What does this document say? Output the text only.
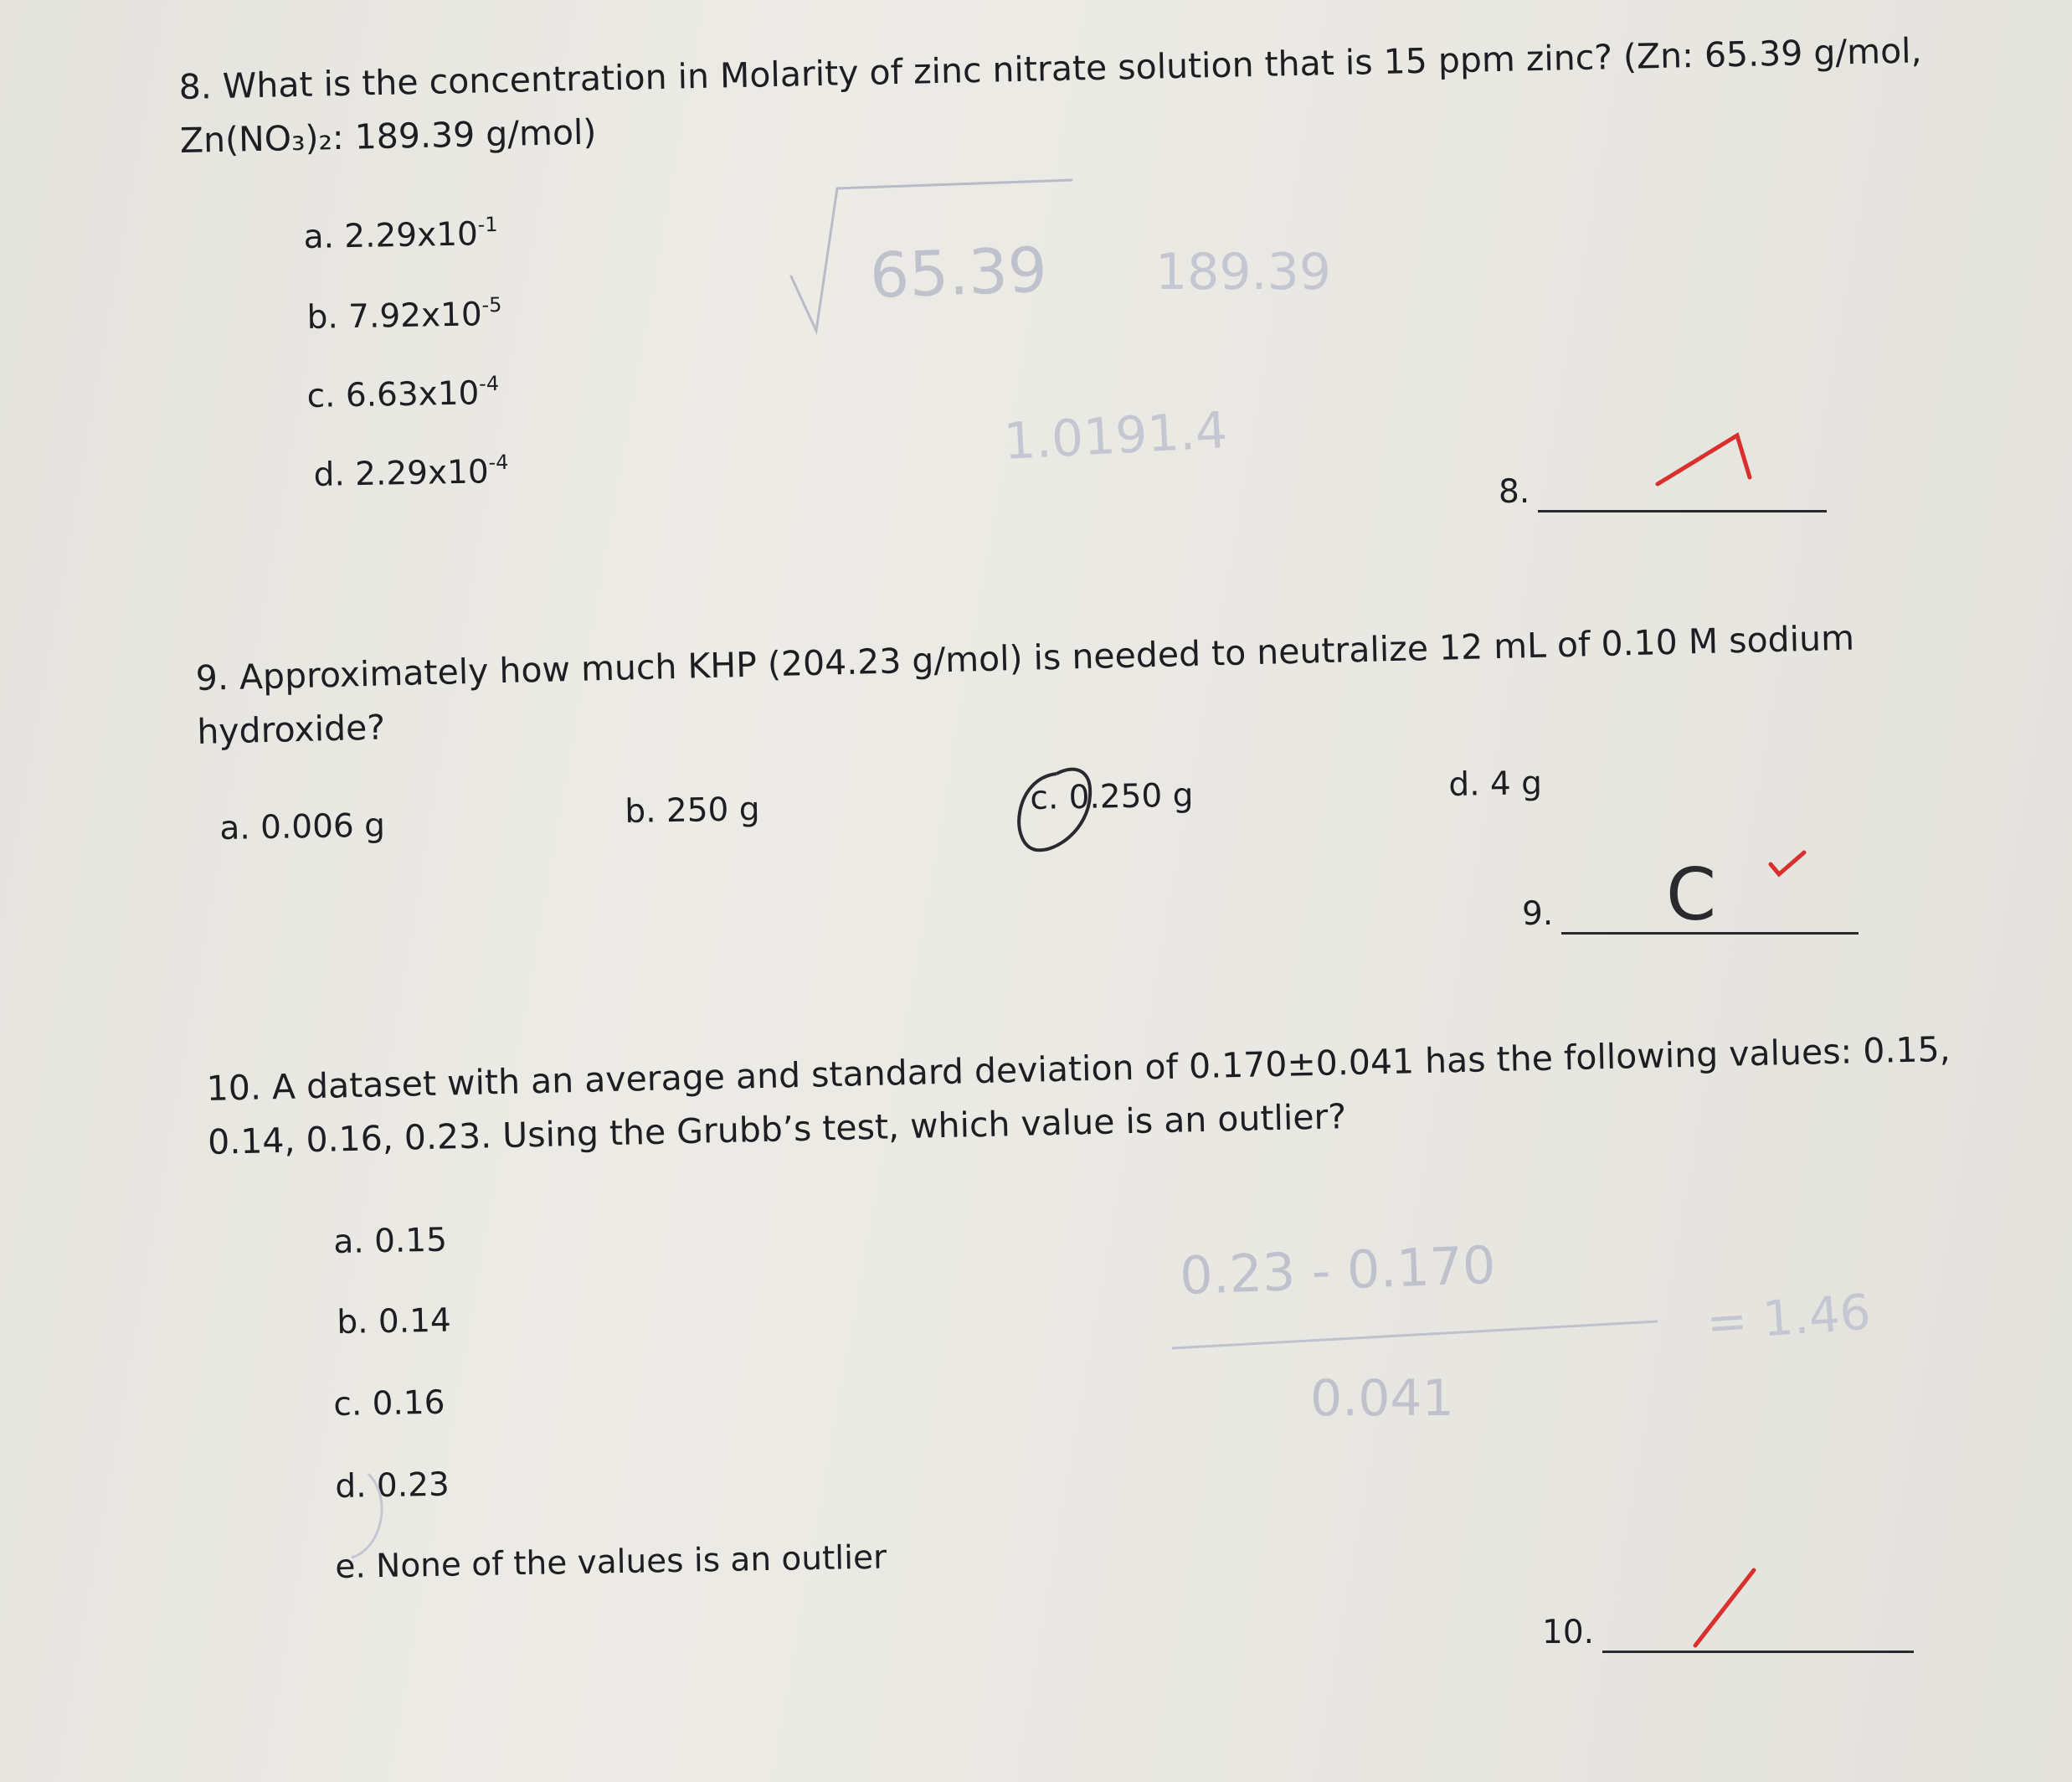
8. What is the concentration in Molarity of zinc nitrate solution that is 15 ppm zinc? (Zn: 65.39 g/mol,
Zn(NO₃)₂: 189.39 g/mol)
a. $2.29x10^{-1}$
b. $7.92x10^{-5}$
c. $6.63x10^{-4}$
d. $2.29x10^{-4}$
8.
9. Approximately how much KHP (204.23 g/mol) is needed to neutralize 12 mL of 0.10 M sodium
hydroxide?
a. 0.006 g	b. 250 g	c. 0.250 g	d. 4 g
9.
10. A dataset with an average and standard deviation of 0.170±0.041 has the following values: 0.15,
0.14, 0.16, 0.23. Using the Grubb’s test, which value is an outlier?
a. 0.15
b. 0.14
c. 0.16
d. 0.23
e. None of the values is an outlier
10.
65.39 189.39
1.0191.4
C
0.23 - 0.170
0.041
= 1.46
